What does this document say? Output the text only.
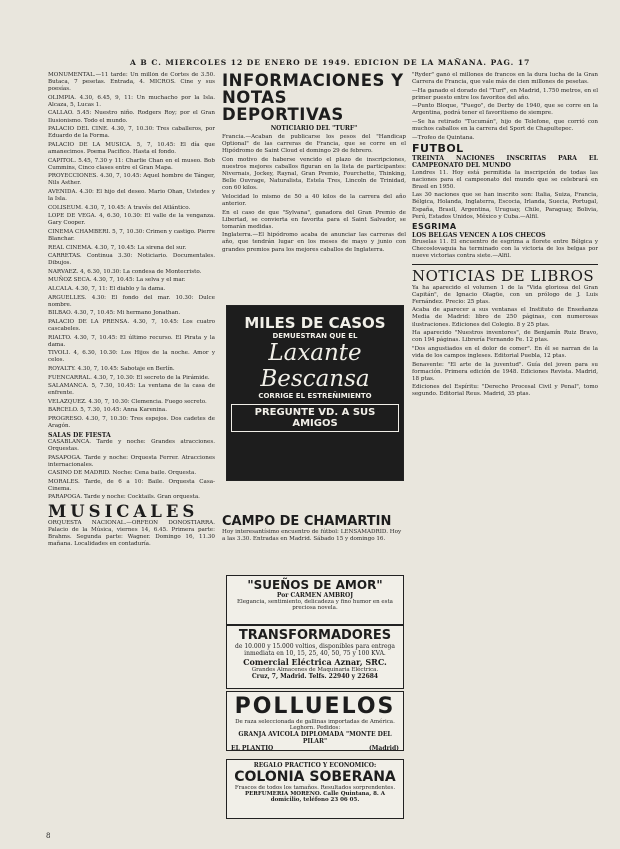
A B C. MIERCOLES 12 DE ENERO DE 1949. EDICION DE LA MAÑANA. PAG. 17

MONUMENTAL.—11 tarde: Un millón de Cortes de 3.50. Butaca, 7 pesetas. Entrada, 4. MICROS. Cine y sus poesías.

OLIMPIA. 4.30, 6.45, 9, 11: Un muchacho por la Isla. Alcaza, 5, Lucas 1.

CALLAO. 5.45: Nuestro niño. Rodgers Roy; por el Gran Ilusionismo. Todo el mundo.

PALACIO DEL CINE. 4.30, 7, 10.30: Tres caballeros, por Eduardo de la Forma.

PALACIO DE LA MUSICA. 5, 7, 10.45: El día que amanecimos. Poema Pacifico. Hasta el fondo.

CAPITOL. 5.45, 7.30 y 11: Charlie Chan en el museo. Bob Cummins, Cinco clases entre el Gran Mapa.

PROYECCIONES. 4.30, 7, 10.45: Aquel hombre de Tánger, Nils Asther.

AVENIDA. 4.30: El hijo del deseo. Mario Ohan, Ustedes y la Isla.

COLISEUM. 4.30, 7, 10.45: A través del Atlántico.

LOPE DE VEGA. 4, 6.30, 10.30: El valle de la venganza. Gary Cooper.

CINEMA CHAMBERI. 5, 7, 10.30: Crimen y castigo. Pierre Blanchar.

REAL CINEMA. 4.30, 7, 10.45: La sirena del sur.

CARRETAS. Continua 3.30: Noticiario. Documentales. Dibujos.

NARVAEZ. 4, 6.30, 10.30: La condesa de Montecristo.

MUÑOZ SECA. 4.30, 7, 10.45: La selva y el mar.

ALCALA. 4.30, 7, 11: El diablo y la dama.

ARGUELLES. 4.30: El fondo del mar. 10.30: Dulce nombre.

BILBAO. 4.30, 7, 10.45: Mi hermano Jonathan.

PALACIO DE LA PRENSA. 4.30, 7, 10.45: Los cuatro cascabeles.

RIALTO. 4.30, 7, 10.45: El último recurso. El Pirata y la dama.

TIVOLI. 4, 6.30, 10.30: Los Hijos de la noche. Amor y celos.

ROYALTY. 4.30, 7, 10.45: Sabotaje en Berlín.

FUENCARRAL. 4.30, 7, 10.30: El secreto de la Pirámide.

SALAMANCA. 5, 7.30, 10.45: La ventana de la casa de enfrente.

VELAZQUEZ. 4.30, 7, 10.30: Clemencia. Fuego secreto.

BARCELO. 5, 7.30, 10.45: Anna Karenina.

PROGRESO. 4.30, 7, 10.30: Tres espejos. Dos cadetes de Aragón.

SALAS DE FIESTA

CASABLANCA. Tarde y noche: Grandes atracciones. Orquestas.

PASAPOGA. Tarde y noche: Orquesta Ferrer. Atracciones internacionales.

CASINO DE MADRID. Noche: Cena baile. Orquesta.

MORALES. Tarde, de 6 a 10: Baile. Orquesta Casa-Cinema.

PARAPOGA. Tarde y noche: Cocktails. Gran orquesta.

MUSICALES

ORQUESTA NACIONAL.—ORFEON DONOSTIARRA. Palacio de la Música, viernes 14, 6.45. Primera parte: Brahms. Segunda parte: Wagner. Domingo 16, 11.30 mañana. Localidades en contaduría.

8
INFORMACIONES Y NOTAS DEPORTIVAS
NOTICIARIO DEL "TURF"

Francia.—Acaban de publicarse los pesos del "Handicap Optional" de las carreras de Francia, que se corre en el Hipódromo de Saint Cloud el domingo 29 de febrero.

Con motivo de haberse vencido el plazo de inscripciones, nuestros mejores caballos figuran en la lista de participantes: Nivernais, Jockey, Raynal, Gran Premio, Fourchette, Thinking, Belle Ouvrage, Naturalista, Estela Tres, Lincoln de Trinidad, con 60 kilos.

Velocidad lo mismo de 50 a 40 kilos de la carrera del año anterior.

En el caso de que "Sylvana", ganadora del Gran Premio de Libertad, se convierta en favorita para el Saint Salvador, se tomarán medidas.

Inglaterra.—El hipódromo acaba de anunciar las carreras del año, que tendrán lugar en los meses de mayo y junio con grandes premios para los mejores caballos de Inglaterra.

MILES DE CASOS
DEMUESTRAN QUE EL
Laxante
Bescansa
CORRIGE EL ESTREÑIMIENTO
PREGUNTE VD. A SUS AMIGOS
CAMPO DE CHAMARTIN
Hoy interesantísimo encuentro de fútbol: LENSAMADRID. Hoy a las 3.30. Entradas en Madrid. Sábado 15 y domingo 16.
"SUEÑOS DE AMOR"
Por CARMEN AMBROJ
Elegancia, sentimiento, delicadeza y fino humor en esta preciosa novela.
TRANSFORMADORES
de 10.000 y 15.000 voltios, disponibles para entrega inmediata en 10, 15, 25, 40, 50, 75 y 100 KVA.
Comercial Eléctrica Aznar, SRC.
Grandes Almacenes de Maquinaria Eléctrica.
Cruz, 7, Madrid. Telfs. 22940 y 22684
POLLUELOS
De raza seleccionada de gallinas importadas de América. Leghorn. Pedidos:
GRANJA AVICOLA DIPLOMADA "MONTE DEL PILAR"
EL PLANTIO	(Madrid)
REGALO PRACTICO Y ECONOMICO:
COLONIA SOBERANA
Frascos de todos los tamaños. Resultados sorprendentes.
PERFUMERIA MORENO. Calle Quintana, 8. A domicilio, teléfono 23 06 05.

"Ryder" ganó el millones de francos en la dura lucha de la Gran Carrera de Francia, que vale más de cien millones de pesetas.

—Ha ganado el dorado del "Turf", en Madrid, 1.750 metros, en el primer puesto entre los favoritos del año.

—Punto Bloque, "Fuego", de Derby de 1940, que se corre en la Argentina, podrá tener el favoritismo de siempre.

—Se ha retirado "Tucumán", hijo de Telefone, que corrió con muchos caballos en la carrera del Sport de Chapultepec.

—Trofeo de Quintana.

FUTBOL
TREINTA NACIONES INSCRITAS PARA EL CAMPEONATO DEL MUNDO

Londres 11. Hoy está permitida la inscripción de todas las naciones para el campeonato del mundo que se celebrará en Brasil en 1950.

Las 30 naciones que se han inscrito son: Italia, Suiza, Francia, Bélgica, Holanda, Inglaterra, Escocia, Irlanda, Suecia, Portugal, España, Brasil, Argentina, Uruguay, Chile, Paraguay, Bolivia, Perú, Estados Unidos, México y Cuba.—Alfil.

ESGRIMA
LOS BELGAS VENCEN A LOS CHECOS

Bruselas 11. El encuentro de esgrima a florete entre Bélgica y Checoslovaquia ha terminado con la victoria de los belgas por nueve victorias contra siete.—Alfil.

NOTICIAS DE LIBROS

Ya ha aparecido el volumen 1 de la "Vida gloriosa del Gran Capitán", de Ignacio Olagüe, con un prólogo de J. Luis Fernández. Precio: 25 ptas.

Acaba de aparecer a sus ventanas el Instituto de Enseñanza Media de Madrid: libro de 250 páginas, con numerosas ilustraciones. Ediciones del Colegio. 8 y 25 ptas.

Ha aparecido "Nuestros inventores", de Benjamín Ruiz Bravo, con 194 páginas. Librería Fernando Fe. 12 ptas.

"Dos angustiados en el dolor de comer". En él se narran de la vida de los campos ingleses. Editorial Puebla, 12 ptas.

Benavente: "El arte de la juventud". Guía del joven para su formación. Primera edición de 1948. Ediciones Revista. Madrid, 18 ptas.

Ediciones del Espíritu: "Derecho Procesal Civil y Penal", tomo segundo. Editorial Reus. Madrid, 35 ptas.
